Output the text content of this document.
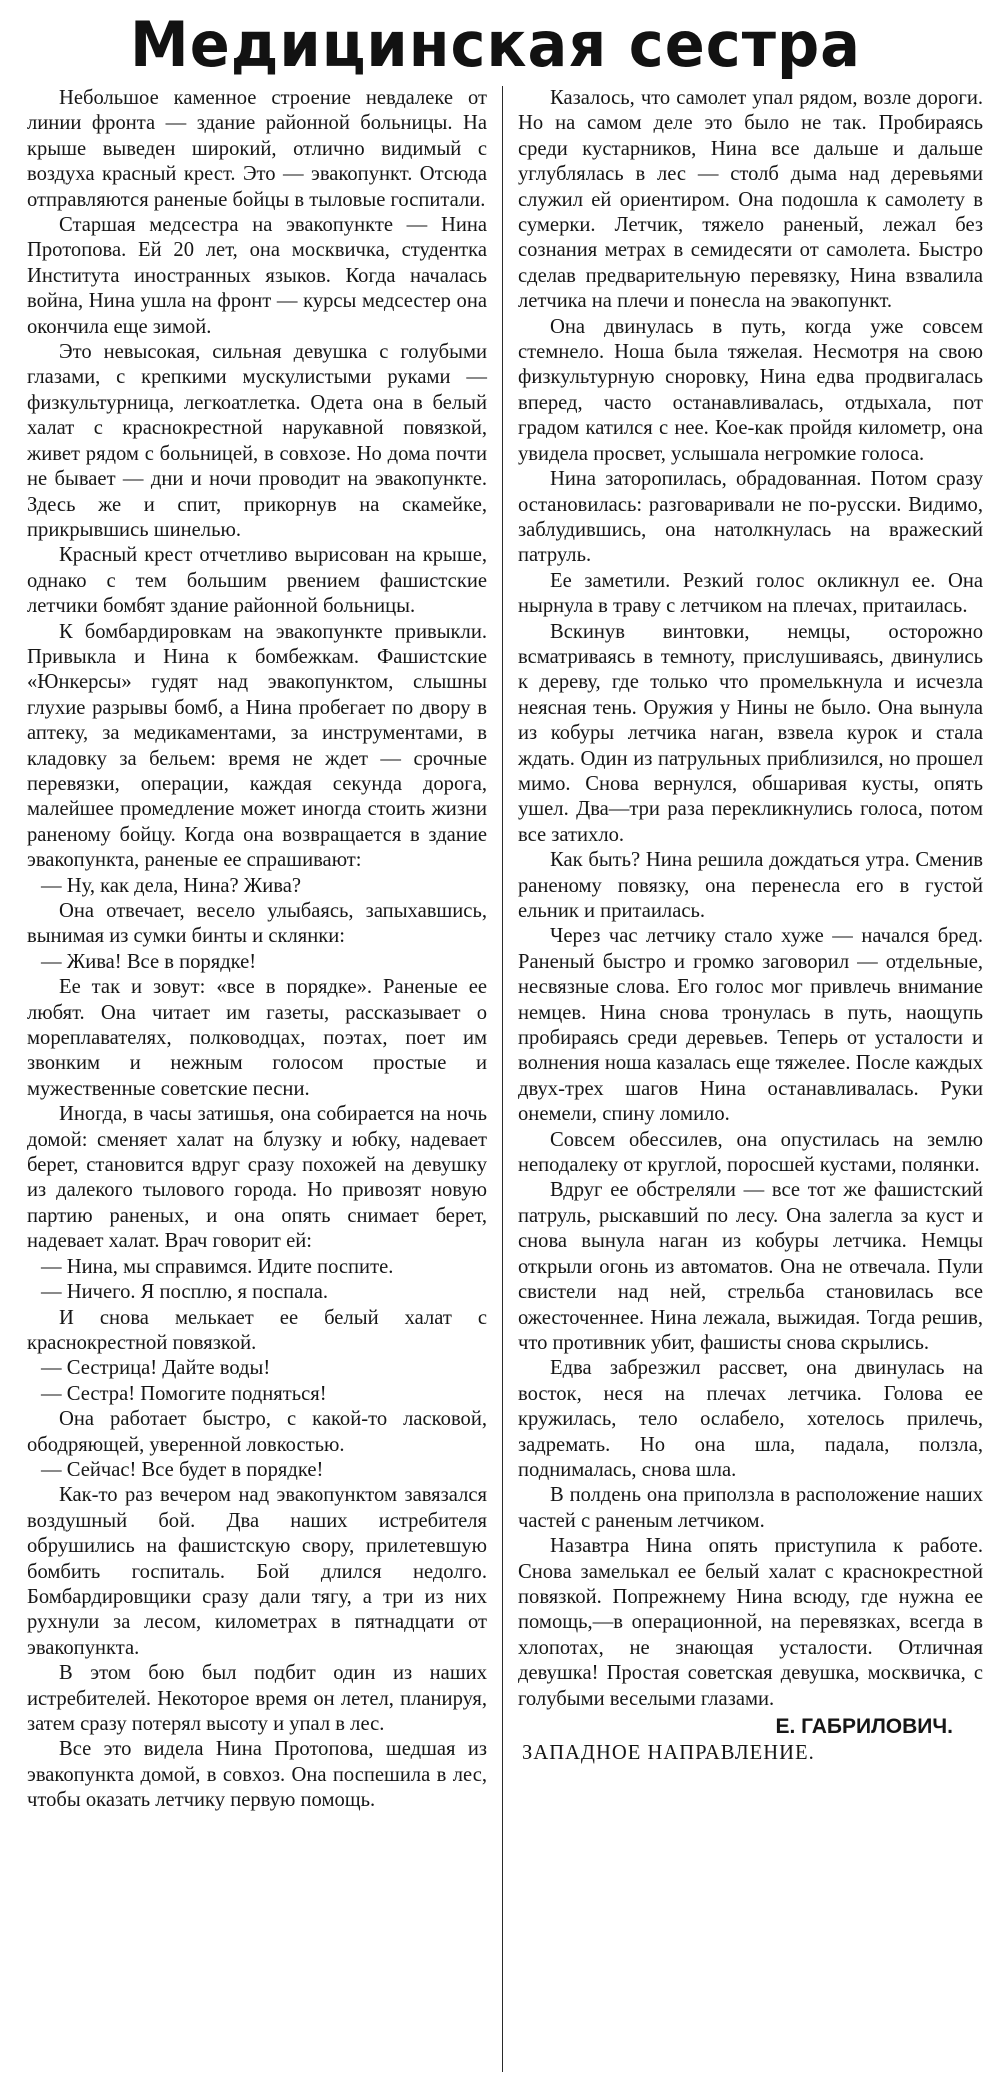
Медицинская сестра

Небольшое каменное строение невдалеке от линии фронта — здание районной больницы. На крыше выведен широкий, отлично видимый с воздуха красный крест. Это — эвакопункт. Отсюда отправляются раненые бойцы в тыловые госпитали.

Старшая медсестра на эвакопункте — Нина Протопова. Ей 20 лет, она москвичка, студентка Института иностранных языков. Когда началась война, Нина ушла на фронт — курсы медсестер она окончила еще зимой.

Это невысокая, сильная девушка с голубыми глазами, с крепкими мускулистыми руками — физкультурница, легкоатлетка. Одета она в белый халат с краснокрестной нарукавной повязкой, живет рядом с больницей, в совхозе. Но дома почти не бывает — дни и ночи проводит на эвакопункте. Здесь же и спит, прикорнув на скамейке, прикрывшись шинелью.

Красный крест отчетливо вырисован на крыше, однако с тем большим рвением фашистские летчики бомбят здание районной больницы.

К бомбардировкам на эвакопункте привыкли. Привыкла и Нина к бомбежкам. Фашистские «Юнкерсы» гудят над эвакопунктом, слышны глухие разрывы бомб, а Нина пробегает по двору в аптеку, за медикаментами, за инструментами, в кладовку за бельем: время не ждет — срочные перевязки, операции, каждая секунда дорога, малейшее промедление может иногда стоить жизни раненому бойцу. Когда она возвращается в здание эвакопункта, раненые ее спрашивают:

— Ну, как дела, Нина? Жива?

Она отвечает, весело улыбаясь, запыхавшись, вынимая из сумки бинты и склянки:

— Жива! Все в порядке!

Ее так и зовут: «все в порядке». Раненые ее любят. Она читает им газеты, рассказывает о мореплавателях, полководцах, поэтах, поет им звонким и нежным голосом простые и мужественные советские песни.

Иногда, в часы затишья, она собирается на ночь домой: сменяет халат на блузку и юбку, надевает берет, становится вдруг сразу похожей на девушку из далекого тылового города. Но привозят новую партию раненых, и она опять снимает берет, надевает халат. Врач говорит ей:

— Нина, мы справимся. Идите поспите.

— Ничего. Я посплю, я поспала.

И снова мелькает ее белый халат с краснокрестной повязкой.

— Сестрица! Дайте воды!

— Сестра! Помогите подняться!

Она работает быстро, с какой-то ласковой, ободряющей, уверенной ловкостью.

— Сейчас! Все будет в порядке!

Как-то раз вечером над эвакопунктом завязался воздушный бой. Два наших истребителя обрушились на фашистскую свору, прилетевшую бомбить госпиталь. Бой длился недолго. Бомбардировщики сразу дали тягу, а три из них рухнули за лесом, километрах в пятнадцати от эвакопункта.

В этом бою был подбит один из наших истребителей. Некоторое время он летел, планируя, затем сразу потерял высоту и упал в лес.

Все это видела Нина Протопова, шедшая из эвакопункта домой, в совхоз. Она поспешила в лес, чтобы оказать летчику первую помощь.

Казалось, что самолет упал рядом, возле дороги. Но на самом деле это было не так. Пробираясь среди кустарников, Нина все дальше и дальше углублялась в лес — столб дыма над деревьями служил ей ориентиром. Она подошла к самолету в сумерки. Летчик, тяжело раненый, лежал без сознания метрах в семидесяти от самолета. Быстро сделав предварительную перевязку, Нина взвалила летчика на плечи и понесла на эвакопункт.

Она двинулась в путь, когда уже совсем стемнело. Ноша была тяжелая. Несмотря на свою физкультурную сноровку, Нина едва продвигалась вперед, часто останавливалась, отдыхала, пот градом катился с нее. Кое-как пройдя километр, она увидела просвет, услышала негромкие голоса.

Нина заторопилась, обрадованная. Потом сразу остановилась: разговаривали не по-русски. Видимо, заблудившись, она натолкнулась на вражеский патруль.

Ее заметили. Резкий голос окликнул ее. Она нырнула в траву с летчиком на плечах, притаилась.

Вскинув винтовки, немцы, осторожно всматриваясь в темноту, прислушиваясь, двинулись к дереву, где только что промелькнула и исчезла неясная тень. Оружия у Нины не было. Она вынула из кобуры летчика наган, взвела курок и стала ждать. Один из патрульных приблизился, но прошел мимо. Снова вернулся, обшаривая кусты, опять ушел. Два—три раза перекликнулись голоса, потом все затихло.

Как быть? Нина решила дождаться утра. Сменив раненому повязку, она перенесла его в густой ельник и притаилась.

Через час летчику стало хуже — начался бред. Раненый быстро и громко заговорил — отдельные, несвязные слова. Его голос мог привлечь внимание немцев. Нина снова тронулась в путь, наощупь пробираясь среди деревьев. Теперь от усталости и волнения ноша казалась еще тяжелее. После каждых двух-трех шагов Нина останавливалась. Руки онемели, спину ломило.

Совсем обессилев, она опустилась на землю неподалеку от круглой, поросшей кустами, полянки.

Вдруг ее обстреляли — все тот же фашистский патруль, рыскавший по лесу. Она залегла за куст и снова вынула наган из кобуры летчика. Немцы открыли огонь из автоматов. Она не отвечала. Пули свистели над ней, стрельба становилась все ожесточеннее. Нина лежала, выжидая. Тогда решив, что противник убит, фашисты снова скрылись.

Едва забрезжил рассвет, она двинулась на восток, неся на плечах летчика. Голова ее кружилась, тело ослабело, хотелось прилечь, задремать. Но она шла, падала, ползла, поднималась, снова шла.

В полдень она приползла в расположение наших частей с раненым летчиком.

Назавтра Нина опять приступила к работе. Снова замелькал ее белый халат с краснокрестной повязкой. Попрежнему Нина всюду, где нужна ее помощь,—в операционной, на перевязках, всегда в хлопотах, не знающая усталости. Отличная девушка! Простая советская девушка, москвичка, с голубыми веселыми глазами.

Е. ГАБРИЛОВИЧ.
ЗАПАДНОЕ НАПРАВЛЕНИЕ.
